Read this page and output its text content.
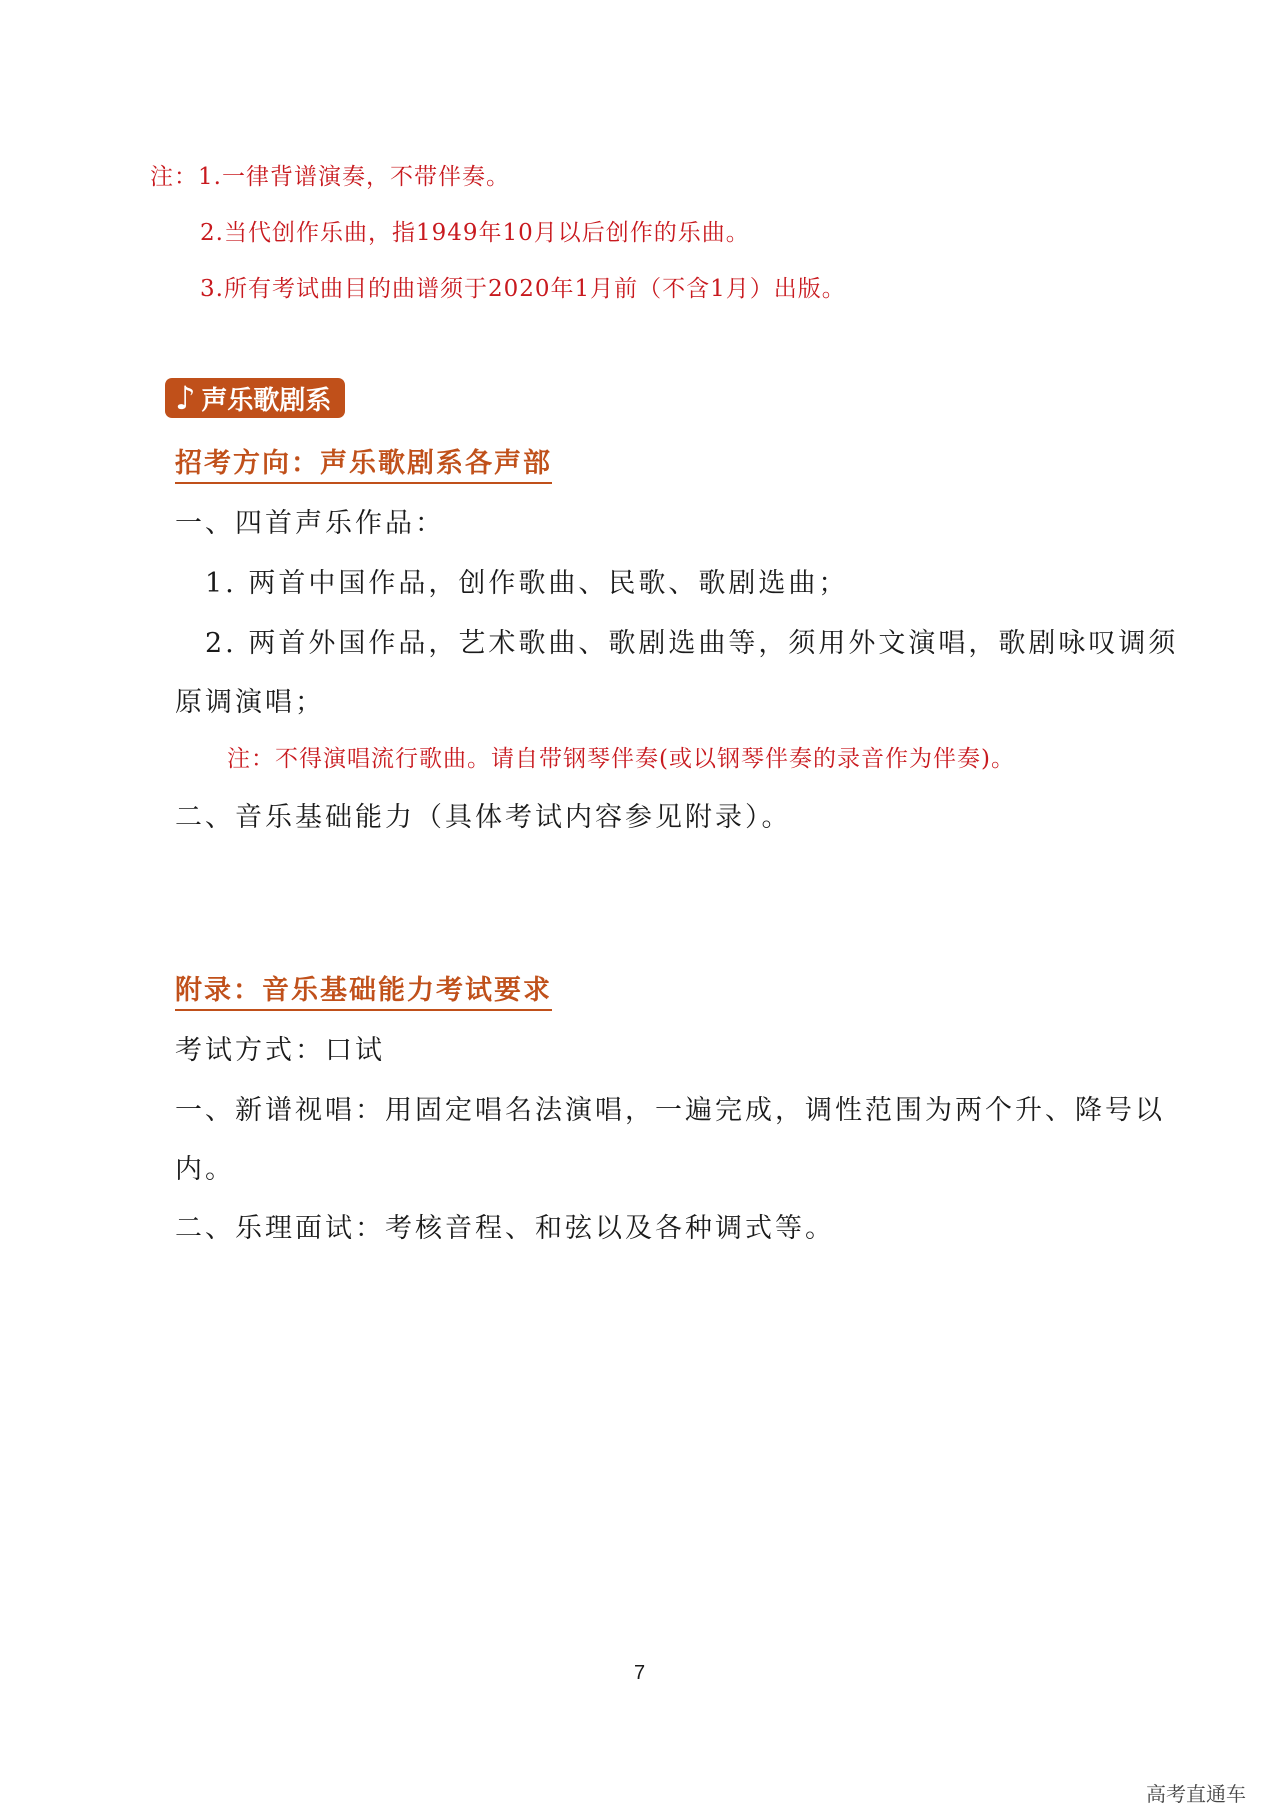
注：1.一律背谱演奏，不带伴奏。
2.当代创作乐曲，指1949年10月以后创作的乐曲。
3.所有考试曲目的曲谱须于2020年1月前（不含1月）出版。
♪ 声乐歌剧系
招考方向：声乐歌剧系各声部
一、四首声乐作品：
1. 两首中国作品，创作歌曲、民歌、歌剧选曲；
2. 两首外国作品，艺术歌曲、歌剧选曲等，须用外文演唱，歌剧咏叹调须
原调演唱；
注：不得演唱流行歌曲。请自带钢琴伴奏(或以钢琴伴奏的录音作为伴奏)。
二、音乐基础能力（具体考试内容参见附录）。
附录：音乐基础能力考试要求
考试方式：口试
一、新谱视唱：用固定唱名法演唱，一遍完成，调性范围为两个升、降号以
内。
二、乐理面试：考核音程、和弦以及各种调式等。
7
高考直通车
